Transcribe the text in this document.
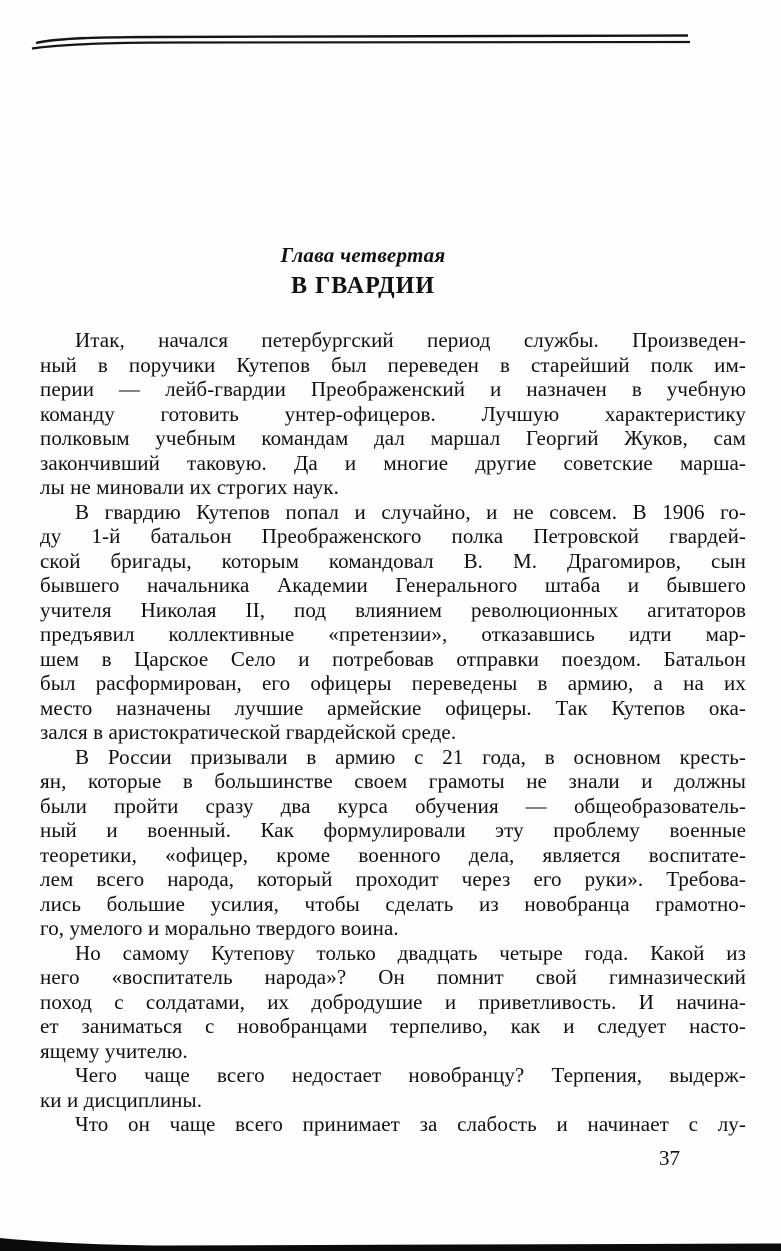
Глава четвертая
В ГВАРДИИ
Итак, начался петербургский период службы. Произведен-
ный в поручики Кутепов был переведен в старейший полк им-
перии — лейб-гвардии Преображенский и назначен в учебную
команду готовить унтер-офицеров. Лучшую характеристику
полковым учебным командам дал маршал Георгий Жуков, сам
закончивший таковую. Да и многие другие советские марша-
лы не миновали их строгих наук.
В гвардию Кутепов попал и случайно, и не совсем. В 1906 го-
ду 1-й батальон Преображенского полка Петровской гвардей-
ской бригады, которым командовал В. М. Драгомиров, сын
бывшего начальника Академии Генерального штаба и бывшего
учителя Николая II, под влиянием революционных агитаторов
предъявил коллективные «претензии», отказавшись идти мар-
шем в Царское Село и потребовав отправки поездом. Батальон
был расформирован, его офицеры переведены в армию, а на их
место назначены лучшие армейские офицеры. Так Кутепов ока-
зался в аристократической гвардейской среде.
В России призывали в армию с 21 года, в основном кресть-
ян, которые в большинстве своем грамоты не знали и должны
были пройти сразу два курса обучения — общеобразователь-
ный и военный. Как формулировали эту проблему военные
теоретики, «офицер, кроме военного дела, является воспитате-
лем всего народа, который проходит через его руки». Требова-
лись большие усилия, чтобы сделать из новобранца грамотно-
го, умелого и морально твердого воина.
Но самому Кутепову только двадцать четыре года. Какой из
него «воспитатель народа»? Он помнит свой гимназический
поход с солдатами, их добродушие и приветливость. И начина-
ет заниматься с новобранцами терпеливо, как и следует насто-
ящему учителю.
Чего чаще всего недостает новобранцу? Терпения, выдерж-
ки и дисциплины.
Что он чаще всего принимает за слабость и начинает с лу-
37
